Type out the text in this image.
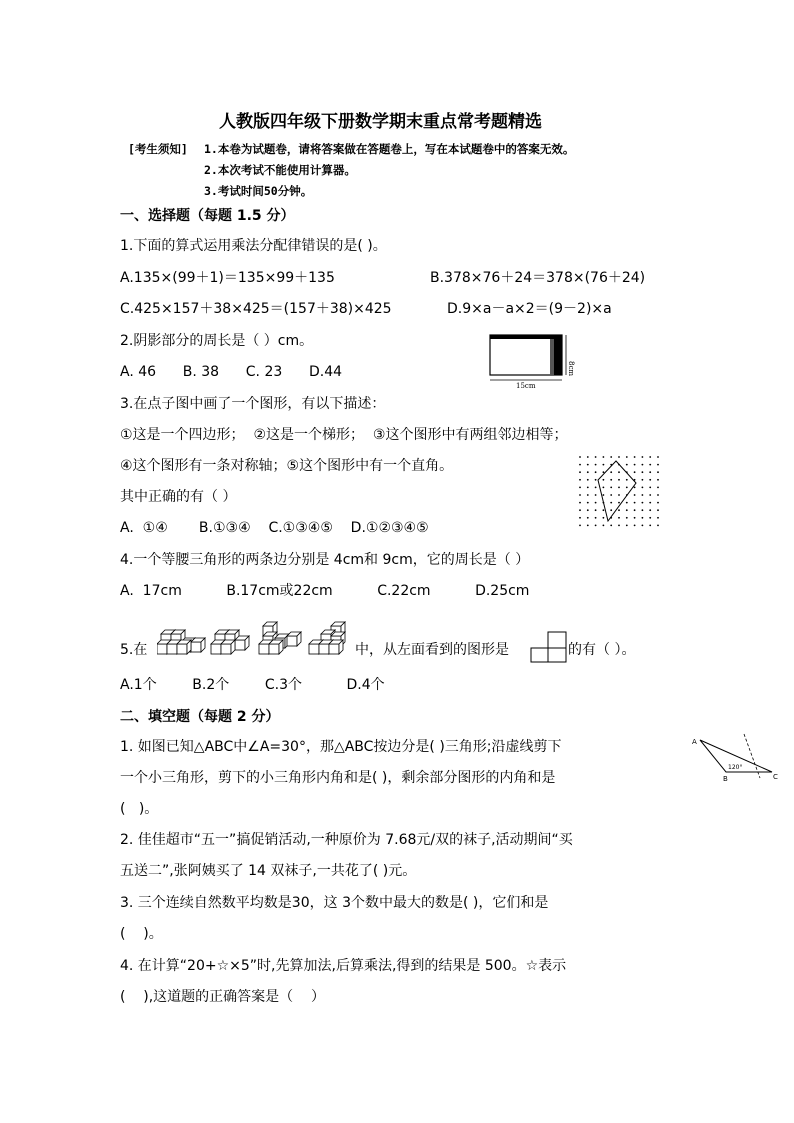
人教版四年级下册数学期末重点常考题精选
[考生须知] 1.本卷为试题卷，请将答案做在答题卷上，写在本试题卷中的答案无效。
2.本次考试不能使用计算器。
3.考试时间50分钟。
一、选择题（每题 1.5 分）
1.下面的算式运用乘法分配律错误的是( )。
A.135×(99＋1)＝135×99＋135	B.378×76＋24＝378×(76＋24)
C.425×157＋38×425＝(157＋38)×425	D.9×a－a×2＝(9－2)×a
2.阴影部分的周长是（ ）cm。
A. 46      B. 38      C. 23      D.44
15cm
8cm
3.在点子图中画了一个图形，有以下描述：
①这是一个四边形；  ②这是一个梯形；  ③这个图形中有两组邻边相等；
④这个图形有一条对称轴；⑤这个图形中有一个直角。
其中正确的有（ ）
A.  ①④       B.①③④    C.①③④⑤    D.①②③④⑤
4.一个等腰三角形的两条边分别是 4cm和 9cm，它的周长是（ ）
A.  17cm          B.17cm或22cm          C.22cm          D.25cm
5.在	中，从左面看到的图形是	的有（ ）。
A.1个        B.2个        C.3个          D.4个
二、填空题（每题 2 分）
1. 如图已知△ABC中∠A=30°，那△ABC按边分是( )三角形;沿虚线剪下
一个小三角形，剪下的小三角形内角和是( )，剩余部分图形的内角和是
(   )。
A
B	C
120°
2. 佳佳超市“五一”搞促销活动,一种原价为 7.68元/双的袜子,活动期间“买
五送二”,张阿姨买了 14 双袜子,一共花了( )元。
3. 三个连续自然数平均数是30，这 3个数中最大的数是( )，它们和是
(    )。
4. 在计算“20+☆×5”时,先算加法,后算乘法,得到的结果是 500。☆表示
(    ),这道题的正确答案是（    ）
